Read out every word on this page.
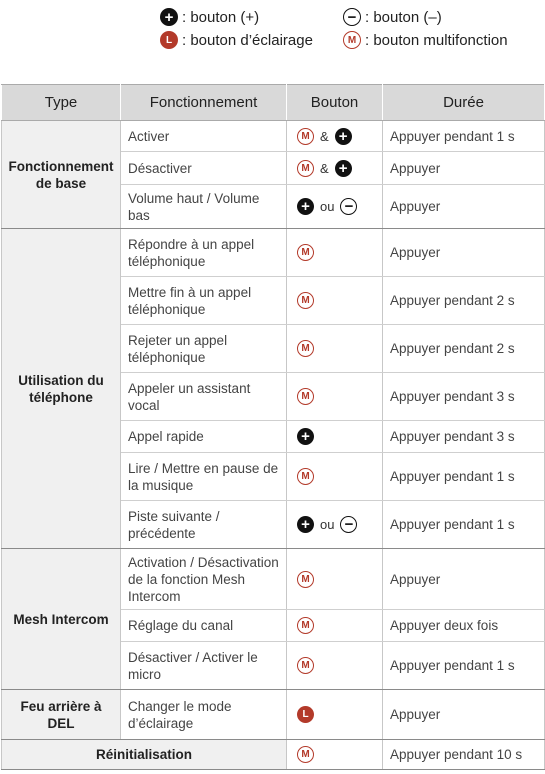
+ : bouton (+)	− : bouton (–)
L : bouton d’éclairage	M : bouton multifonction
Type	Fonctionnement	Bouton	Durée
Fonctionnement de base	Activer	M & +	Appuyer pendant 1 s
	Désactiver	M & +	Appuyer
	Volume haut / Volume bas	+ ou −	Appuyer
Utilisation du téléphone	Répondre à un appel téléphonique	M	Appuyer
	Mettre fin à un appel téléphonique	M	Appuyer pendant 2 s
	Rejeter un appel téléphonique	M	Appuyer pendant 2 s
	Appeler un assistant vocal	M	Appuyer pendant 3 s
	Appel rapide	+	Appuyer pendant 3 s
	Lire / Mettre en pause de la musique	M	Appuyer pendant 1 s
	Piste suivante / précédente	+ ou −	Appuyer pendant 1 s
Mesh Intercom	Activation / Désactivation de la fonction Mesh Intercom	M	Appuyer
	Réglage du canal	M	Appuyer deux fois
	Désactiver / Activer le micro	M	Appuyer pendant 1 s
Feu arrière à DEL	Changer le mode d’éclairage	L	Appuyer
Réinitialisation		M	Appuyer pendant 10 s
